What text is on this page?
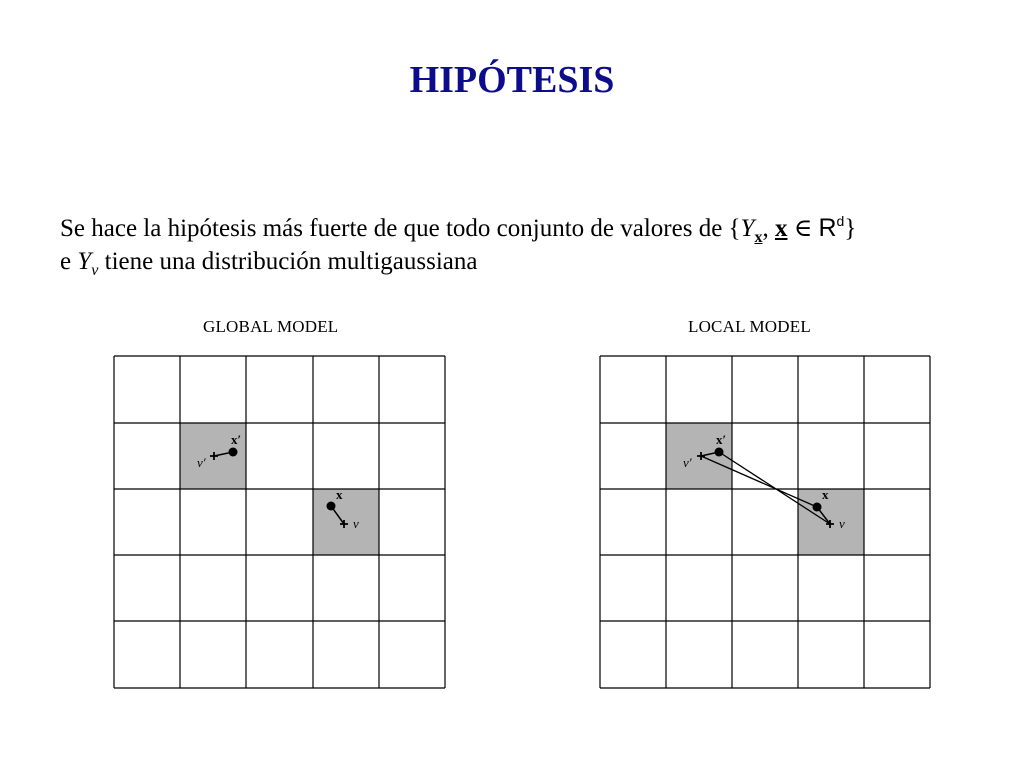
HIPÓTESIS
Se hace la hipótesis más fuerte de que todo conjunto de valores de {$Y_x$, x ∈ $R^d$}
e $Y_v$ tiene una distribución multigaussiana
GLOBAL MODEL	LOCAL MODEL
x′
v′
x
v
x′
v′
x
v
